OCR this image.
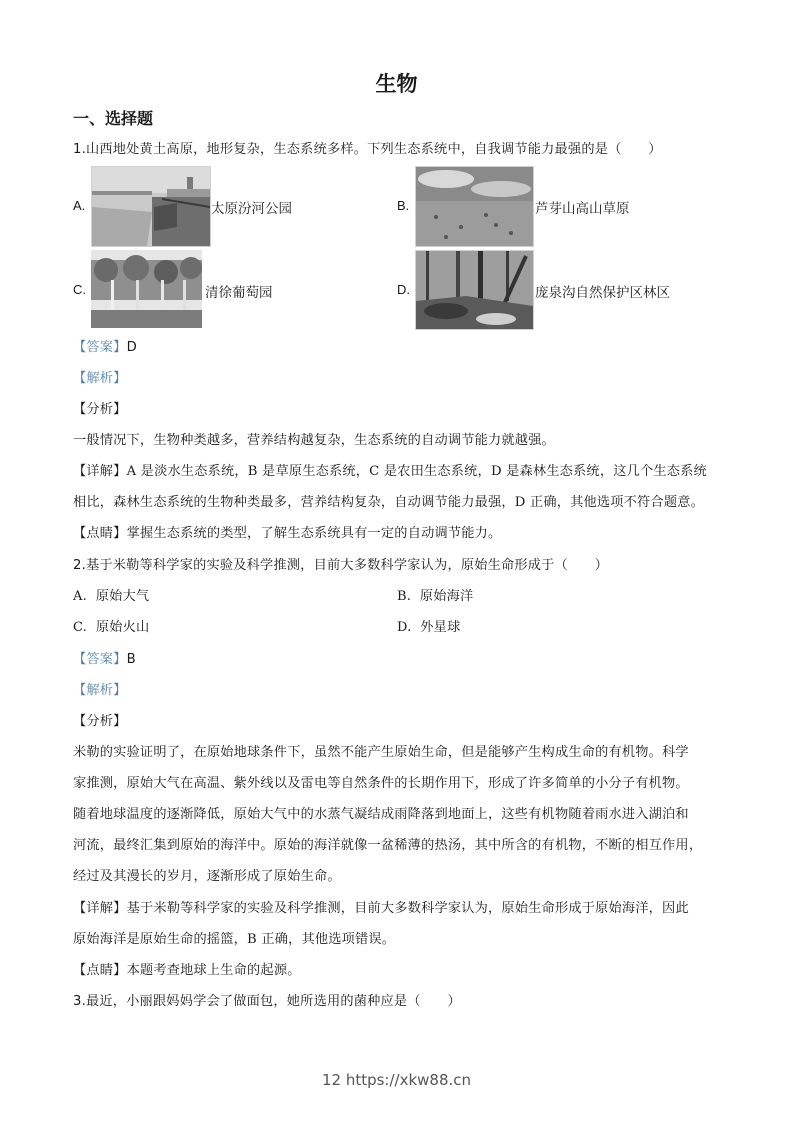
生物
一、选择题
1.山西地处黄土高原，地形复杂，生态系统多样。下列生态系统中，自我调节能力最强的是（　　）
A.	太原汾河公园	B.	芦芽山高山草原
C.	清徐葡萄园	D.	庞泉沟自然保护区林区
【答案】D
【解析】
【分析】
一般情况下，生物种类越多，营养结构越复杂，生态系统的自动调节能力就越强。
【详解】A 是淡水生态系统，B 是草原生态系统，C 是农田生态系统，D 是森林生态系统，这几个生态系统
相比，森林生态系统的生物种类最多，营养结构复杂，自动调节能力最强，D 正确，其他选项不符合题意。
【点睛】掌握生态系统的类型，了解生态系统具有一定的自动调节能力。
2.基于米勒等科学家的实验及科学推测，目前大多数科学家认为，原始生命形成于（　　）
A. 原始大气	B. 原始海洋
C. 原始火山	D. 外星球
【答案】B
【解析】
【分析】
米勒的实验证明了，在原始地球条件下，虽然不能产生原始生命，但是能够产生构成生命的有机物。科学
家推测，原始大气在高温、紫外线以及雷电等自然条件的长期作用下，形成了许多简单的小分子有机物。
随着地球温度的逐渐降低，原始大气中的水蒸气凝结成雨降落到地面上，这些有机物随着雨水进入湖泊和
河流，最终汇集到原始的海洋中。原始的海洋就像一盆稀薄的热汤，其中所含的有机物，不断的相互作用，
经过及其漫长的岁月，逐渐形成了原始生命。
【详解】基于米勒等科学家的实验及科学推测，目前大多数科学家认为，原始生命形成于原始海洋，因此
原始海洋是原始生命的摇篮，B 正确，其他选项错误。
【点睛】本题考查地球上生命的起源。
3.最近，小丽跟妈妈学会了做面包，她所选用的菌种应是（　　）
12 https://xkw88.cn
